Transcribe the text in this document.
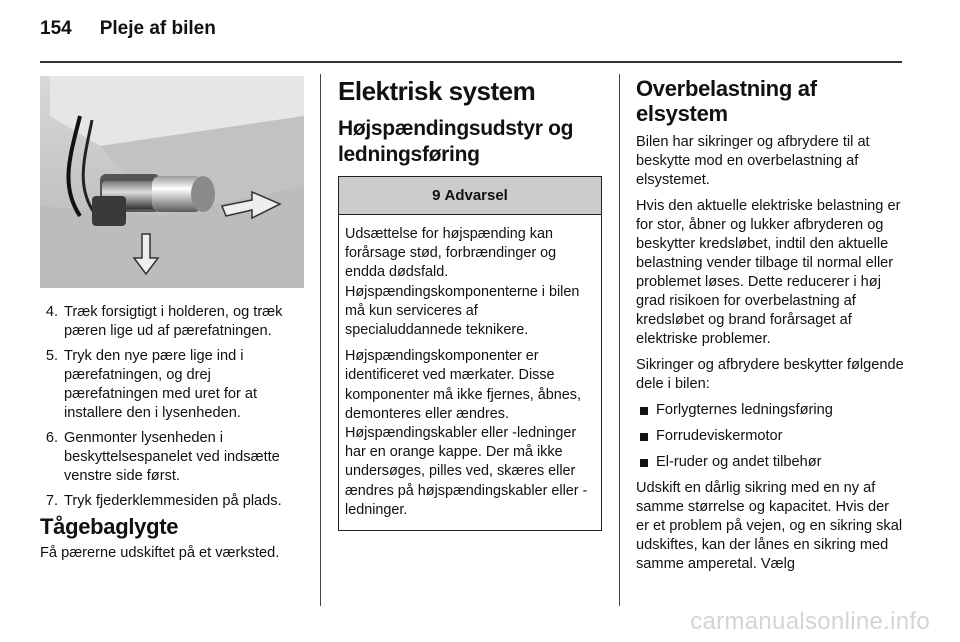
154 Pleje af bilen
4. Træk forsigtigt i holderen, og træk pæren lige ud af pærefatningen.
5. Tryk den nye pære lige ind i pærefatningen, og drej pærefatningen med uret for at installere den i lysenheden.
6. Genmonter lysenheden i beskyttelsespanelet ved indsætte venstre side først.
7. Tryk fjederklemmesiden på plads.
Tågebaglygte
Få pærerne udskiftet på et værksted.
Elektrisk system
Højspændingsudstyr og ledningsføring
9 Advarsel

Udsættelse for højspænding kan forårsage stød, forbrændinger og endda dødsfald. Højspændingskomponenterne i bilen må kun serviceres af specialuddannede teknikere.

Højspændingskomponenter er identificeret ved mærkater. Disse komponenter må ikke fjernes, åbnes, demonteres eller ændres. Højspændingskabler eller -ledninger har en orange kappe. Der må ikke undersøges, pilles ved, skæres eller ændres på højspændingskabler eller -ledninger.

Overbelastning af elsystem

Bilen har sikringer og afbrydere til at beskytte mod en overbelastning af elsystemet.

Hvis den aktuelle elektriske belastning er for stor, åbner og lukker afbryderen og beskytter kredsløbet, indtil den aktuelle belastning vender tilbage til normal eller problemet løses. Dette reducerer i høj grad risikoen for overbelastning af kredsløbet og brand forårsaget af elektriske problemer.

Sikringer og afbrydere beskytter følgende dele i bilen:

Forlygternes ledningsføring
Forrudeviskermotor
El-ruder og andet tilbehør

Udskift en dårlig sikring med en ny af samme størrelse og kapacitet. Hvis der er et problem på vejen, og en sikring skal udskiftes, kan der lånes en sikring med samme amperetal. Vælg

carmanualsonline.info
